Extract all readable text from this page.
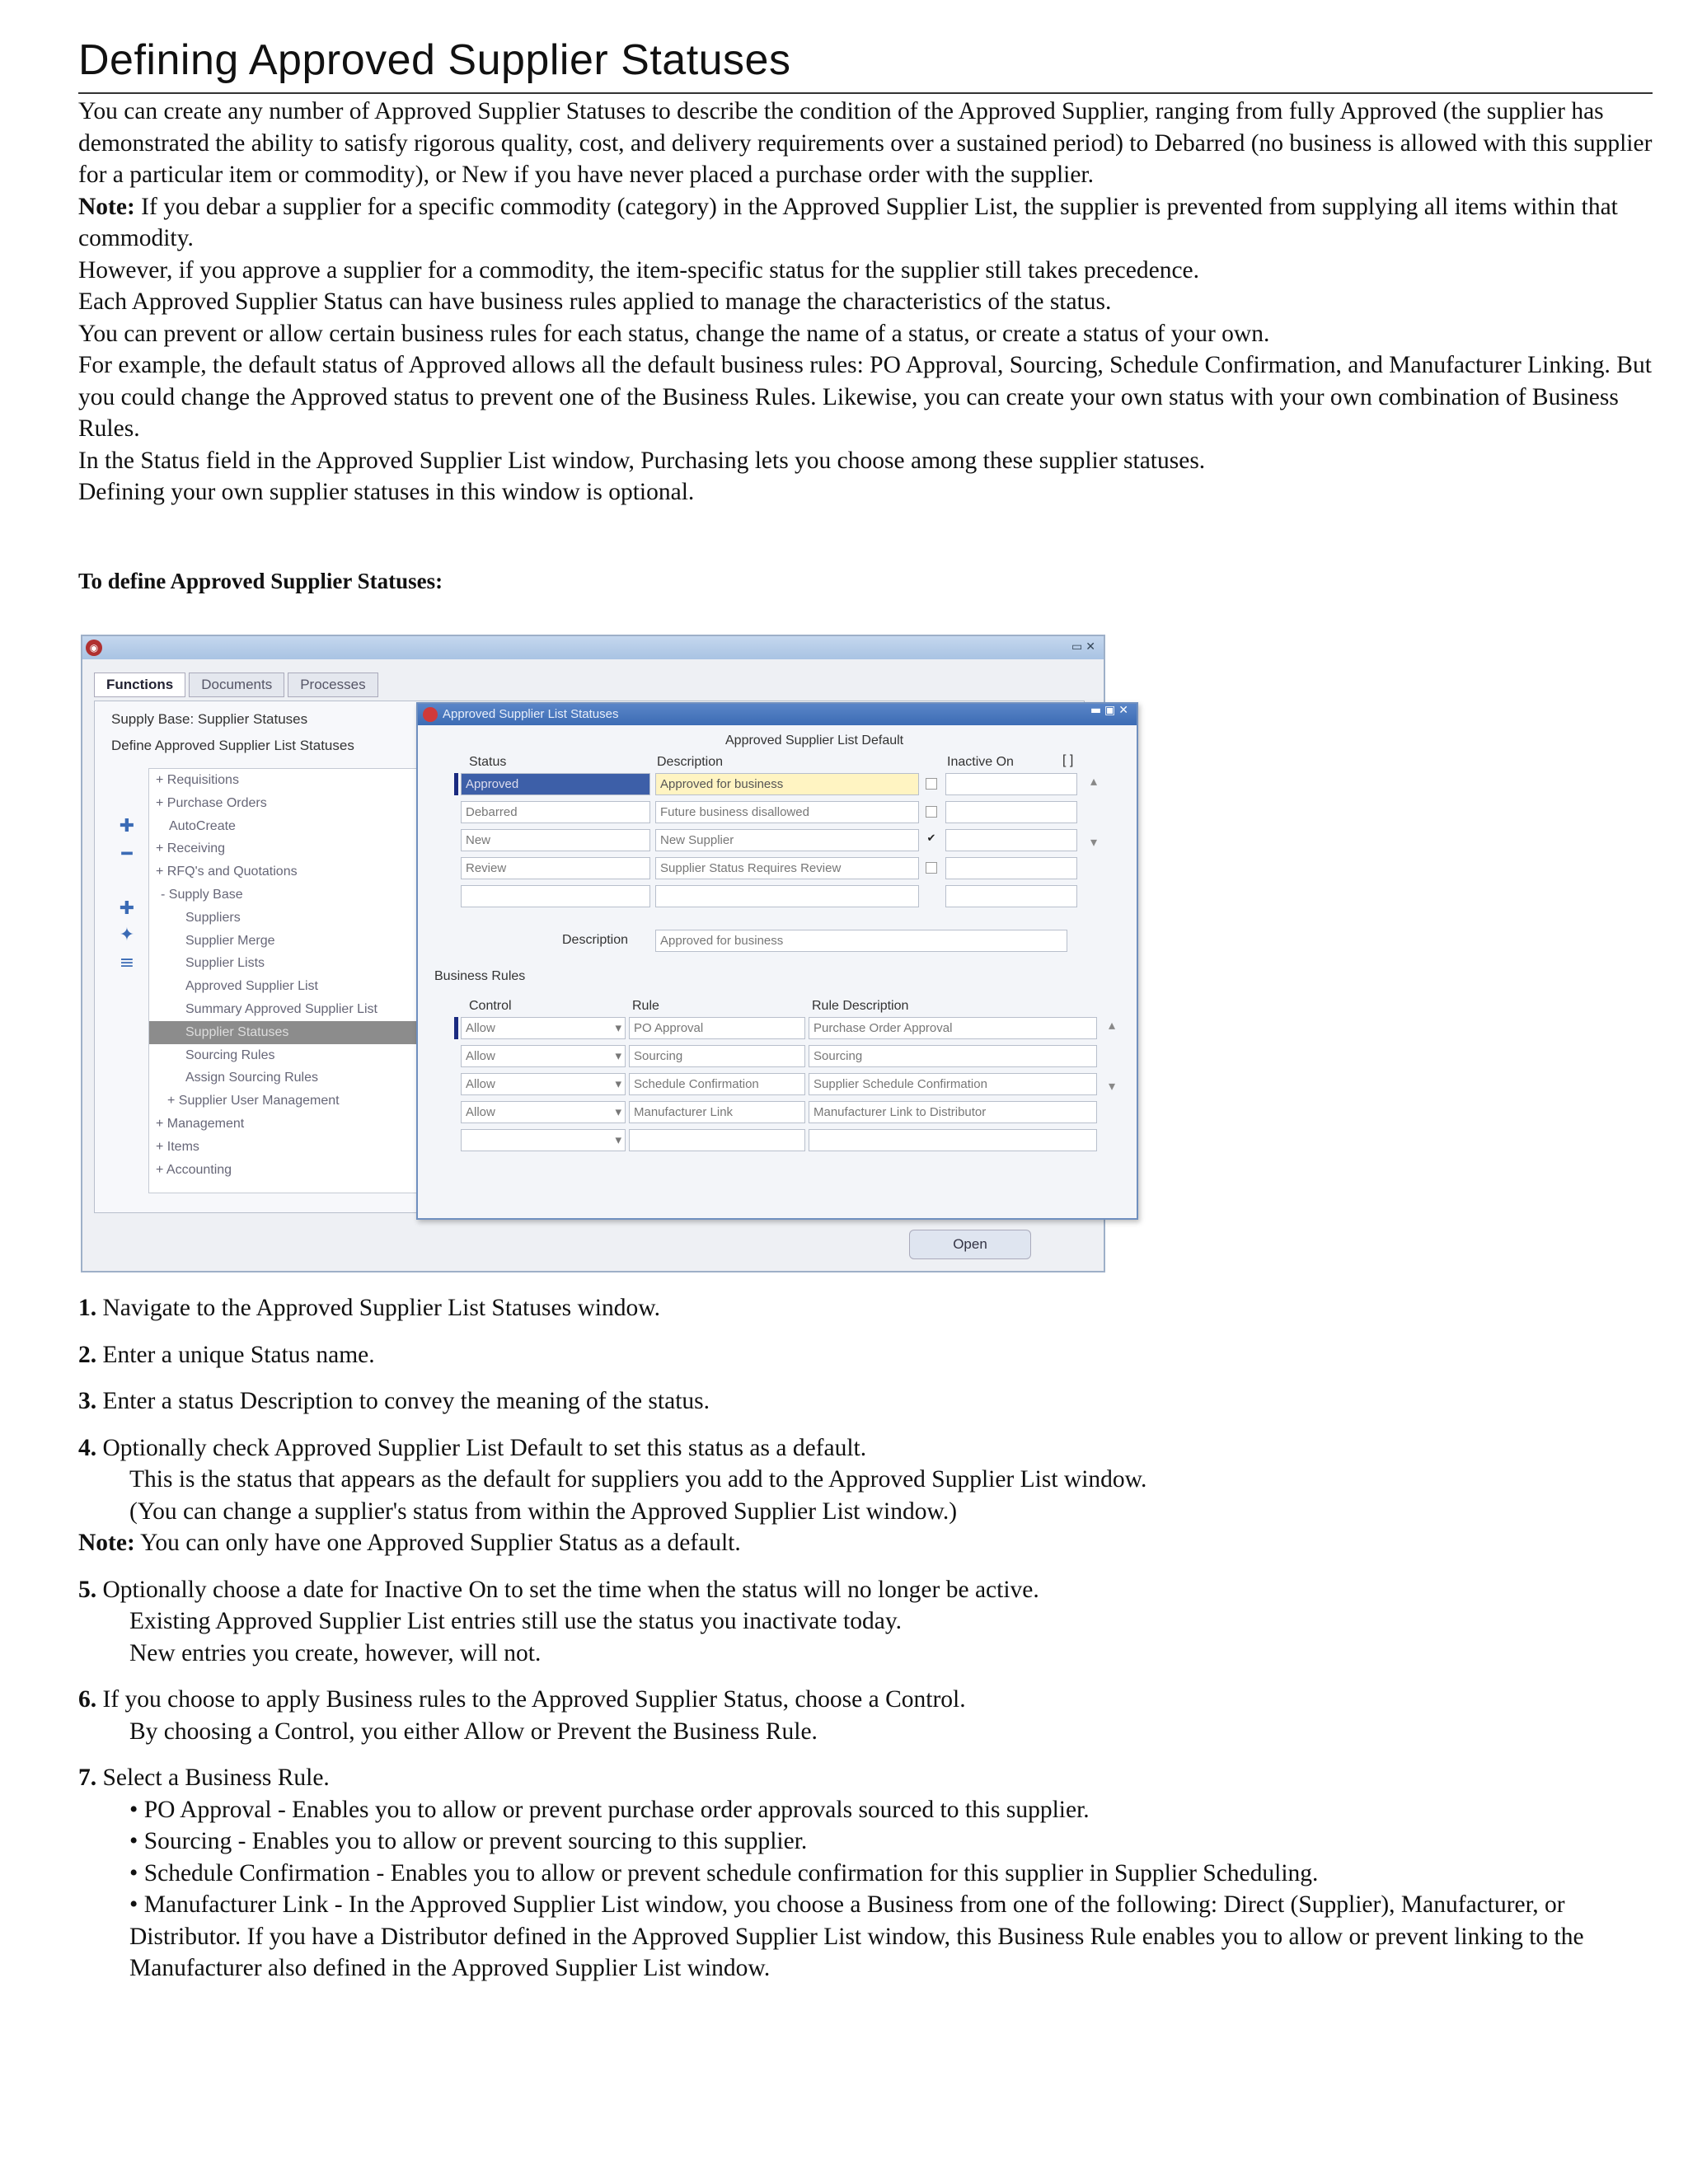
Defining Approved Supplier Statuses

You can create any number of Approved Supplier Statuses to describe the condition of the Approved Supplier, ranging from fully Approved (the supplier has demonstrated the ability to satisfy rigorous quality, cost, and delivery requirements over a sustained period) to Debarred (no business is allowed with this supplier for a particular item or commodity), or New if you have never placed a purchase order with the supplier.

Note: If you debar a supplier for a specific commodity (category) in the Approved Supplier List, the supplier is prevented from supplying all items within that commodity.

However, if you approve a supplier for a commodity, the item-specific status for the supplier still takes precedence.

Each Approved Supplier Status can have business rules applied to manage the characteristics of the status.

You can prevent or allow certain business rules for each status, change the name of a status, or create a status of your own.

For example, the default status of Approved allows all the default business rules: PO Approval, Sourcing, Schedule Confirmation, and Manufacturer Linking. But you could change the Approved status to prevent one of the Business Rules. Likewise, you can create your own status with your own combination of Business Rules.

In the Status field in the Approved Supplier List window, Purchasing lets you choose among these supplier statuses.

Defining your own supplier statuses in this window is optional.

To define Approved Supplier Statuses:
◉	▭✕
Functions Documents Processes
Supply Base: Supplier Statuses
Define Approved Supplier List Statuses
✚
━
✚
✦
≡
+ Requisitions
+ Purchase Orders
AutoCreate
+ Receiving
+ RFQ's and Quotations
- Supply Base
Suppliers
Supplier Merge
Supplier Lists
Approved Supplier List
Summary Approved Supplier List
Supplier Statuses
Sourcing Rules
Assign Sourcing Rules
+ Supplier User Management
+ Management
+ Items
+ Accounting
Open
Approved Supplier List Statuses	▬▣✕
Approved Supplier List Default
Status	Description	Inactive On	[ ]
Approved	Approved for business
Debarred	Future business disallowed
New	New Supplier	✔
Review	Supplier Status Requires Review
▴

▾
Description	Approved for business
Business Rules
Control	Rule	Rule Description
Allow	▾	PO Approval	Purchase Order Approval
Allow	▾	Sourcing	Sourcing
Allow	▾	Schedule Confirmation	Supplier Schedule Confirmation
Allow	▾	Manufacturer Link	Manufacturer Link to Distributor
▾
▴

▾

1. Navigate to the Approved Supplier List Statuses window.

2. Enter a unique Status name.

3. Enter a status Description to convey the meaning of the status.

4. Optionally check Approved Supplier List Default to set this status as a default.

This is the status that appears as the default for suppliers you add to the Approved Supplier List window.

(You can change a supplier's status from within the Approved Supplier List window.)

Note: You can only have one Approved Supplier Status as a default.

5. Optionally choose a date for Inactive On to set the time when the status will no longer be active.

Existing Approved Supplier List entries still use the status you inactivate today.

New entries you create, however, will not.

6. If you choose to apply Business rules to the Approved Supplier Status, choose a Control.

By choosing a Control, you either Allow or Prevent the Business Rule.

7. Select a Business Rule.

• PO Approval - Enables you to allow or prevent purchase order approvals sourced to this supplier.

• Sourcing - Enables you to allow or prevent sourcing to this supplier.

• Schedule Confirmation - Enables you to allow or prevent schedule confirmation for this supplier in Supplier Scheduling.

• Manufacturer Link - In the Approved Supplier List window, you choose a Business from one of the following: Direct (Supplier), Manufacturer, or Distributor. If you have a Distributor defined in the Approved Supplier List window, this Business Rule enables you to allow or prevent linking to the Manufacturer also defined in the Approved Supplier List window.
